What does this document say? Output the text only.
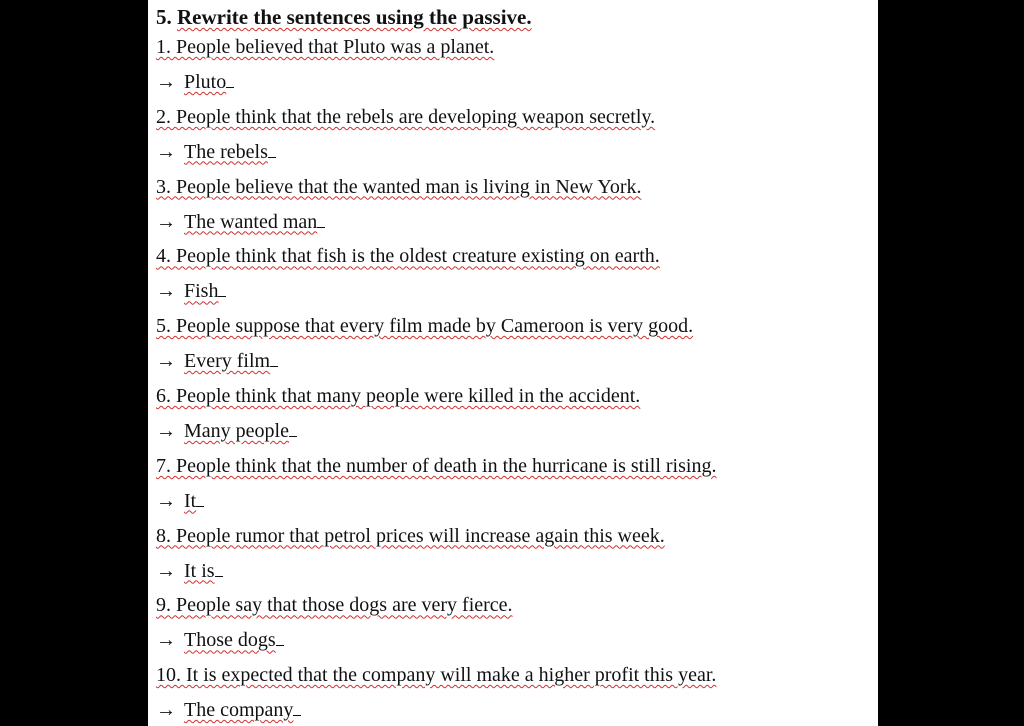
5. Rewrite the sentences using the passive.
1. People believed that Pluto was a planet.
→ Pluto
2. People think that the rebels are developing weapon secretly.
→ The rebels
3. People believe that the wanted man is living in New York.
→ The wanted man
4. People think that fish is the oldest creature existing on earth.
→ Fish
5. People suppose that every film made by Cameroon is very good.
→ Every film
6. People think that many people were killed in the accident.
→ Many people
7. People think that the number of death in the hurricane is still rising.
→ It
8. People rumor that petrol prices will increase again this week.
→ It is
9. People say that those dogs are very fierce.
→ Those dogs
10. It is expected that the company will make a higher profit this year.
→ The company
